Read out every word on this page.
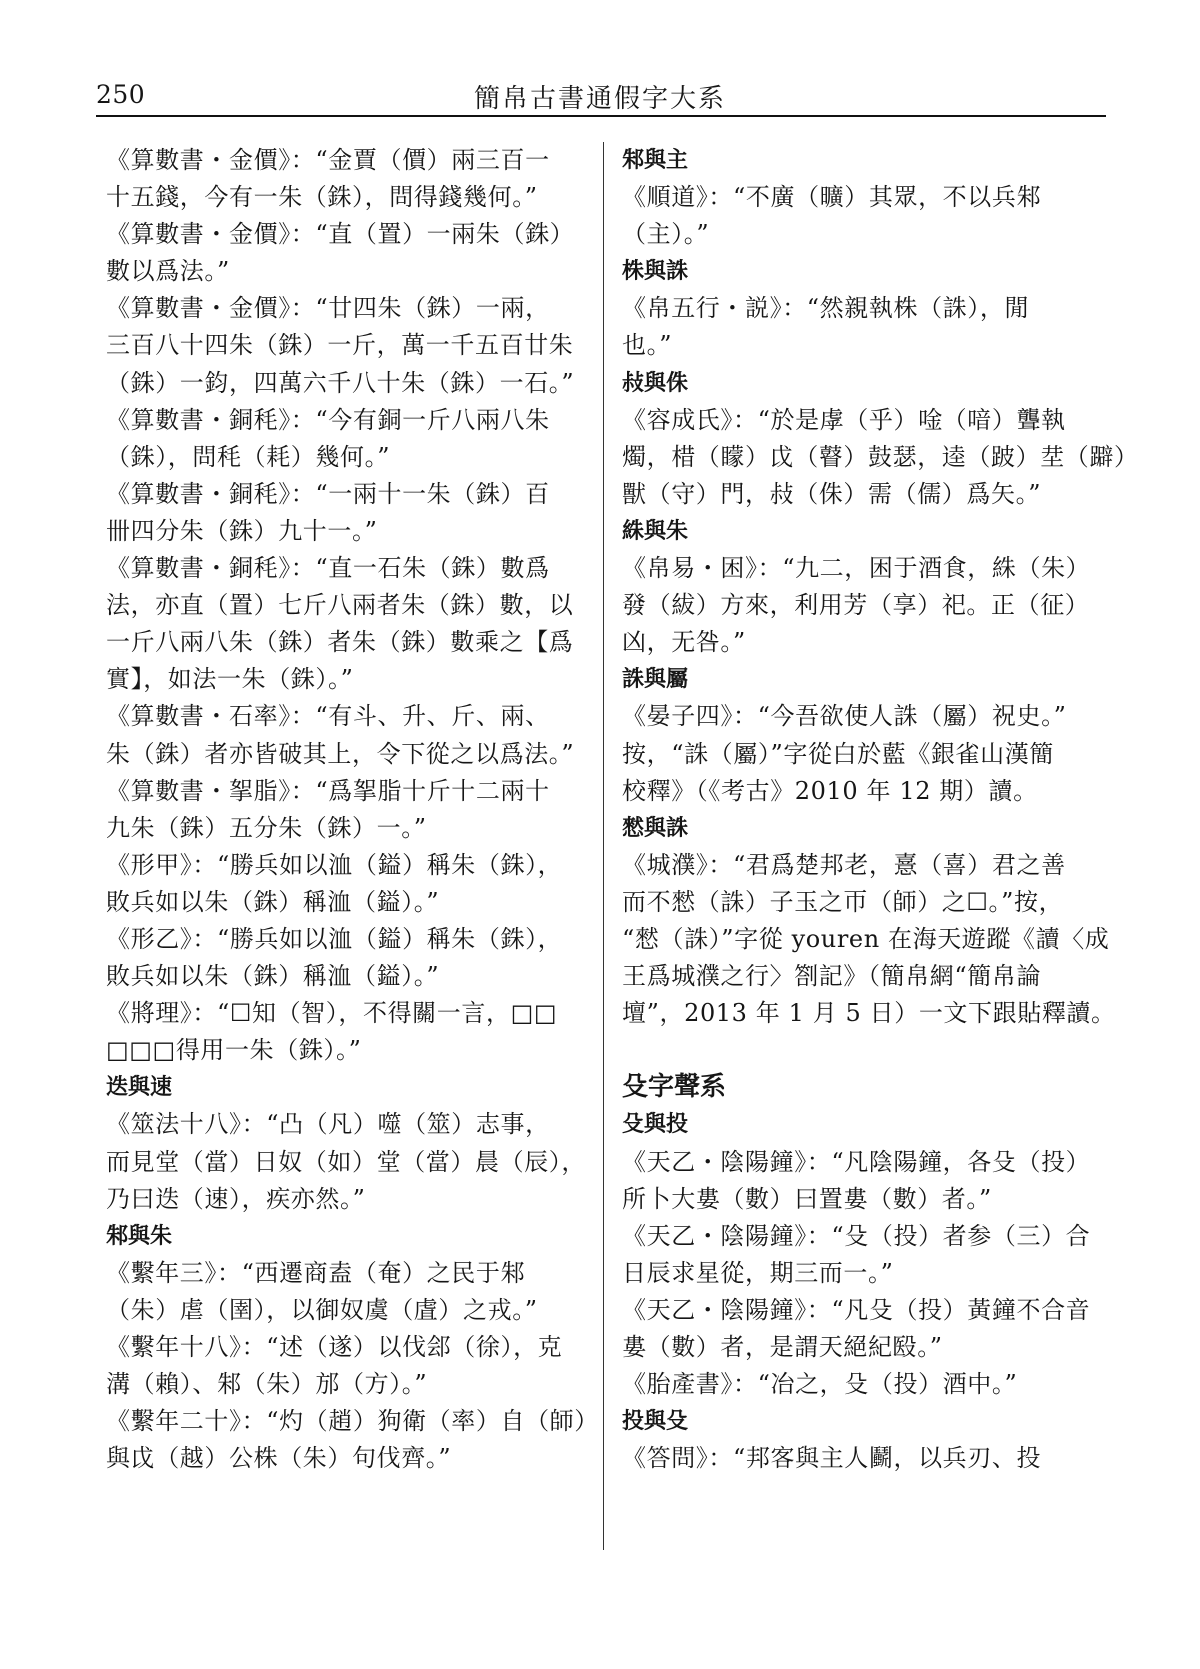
250	簡帛古書通假字大系
《算數書・金價》：“金賈（價）兩三百一
十五錢，今有一朱（銖），問得錢幾何。”
《算數書・金價》：“直（置）一兩朱（銖）
數以爲法。”
《算數書・金價》：“廿四朱（銖）一兩，
三百八十四朱（銖）一斤，萬一千五百廿朱
（銖）一鈞，四萬六千八十朱（銖）一石。”
《算數書・銅秏》：“今有銅一斤八兩八朱
（銖），問秏（耗）幾何。”
《算數書・銅秏》：“一兩十一朱（銖）百
卌四分朱（銖）九十一。”
《算數書・銅秏》：“直一石朱（銖）數爲
法，亦直（置）七斤八兩者朱（銖）數，以
一斤八兩八朱（銖）者朱（銖）數乘之【爲
實】，如法一朱（銖）。”
《算數書・石率》：“有斗、升、斤、兩、
朱（銖）者亦皆破其上，令下從之以爲法。”
《算數書・挐脂》：“爲挐脂十斤十二兩十
九朱（銖）五分朱（銖）一。”
《形甲》：“勝兵如以洫（鎰）稱朱（銖），
敗兵如以朱（銖）稱洫（鎰）。”
《形乙》：“勝兵如以洫（鎰）稱朱（銖），
敗兵如以朱（銖）稱洫（鎰）。”
《將理》：“☐知（智），不得關一言，□□
□□□得用一朱（銖）。”
迭與速
《筮法十八》：“凸（凡）噬（筮）志事，
而見堂（當）日奴（如）堂（當）晨（辰），
乃曰迭（速），疾亦然。”
邾與朱
《繫年三》：“西遷商盍（奄）之民于邾
（朱）虐（圉），以御奴虞（虘）之戎。”
《繫年十八》：“述（遂）以伐郐（徐），克
溝（賴）、邾（朱）邡（方）。”
《繫年二十》：“灼（趙）狗衛（率）自（師）
與戉（越）公株（朱）句伐齊。”
邾與主
《順道》：“不廣（曠）其眾，不以兵邾
（主）。”
株與誅
《帛五行・説》：“然親執株（誅），閒
也。”
敊與侏
《容成氏》：“於是虖（乎）唫（喑）聾執
燭，棤（矇）戉（瞽）鼓瑟，逵（跛）坓（躃）
獸（守）門，敊（侏）需（儒）爲矢。”
絑與朱
《帛易・困》：“九二，困于酒食，絑（朱）
發（紱）方來，利用芳（享）祀。正（征）
凶，无咎。”
誅與屬
《晏子四》：“今吾欲使人誅（屬）祝史。”
按，“誅（屬）”字從白於藍《銀雀山漢簡
校釋》（《考古》2010 年 12 期）讀。
憖與誅
《城濮》：“君爲楚邦老，憙（喜）君之善
而不憖（誅）子玉之帀（師）之☐。”按，
“憖（誅）”字從 youren 在海天遊蹤《讀〈成
王爲城濮之行〉劄記》（簡帛網“簡帛論
壇”，2013 年 1 月 5 日）一文下跟貼釋讀。
殳字聲系
殳與投
《天乙・陰陽鐘》：“凡陰陽鐘，各殳（投）
所卜大婁（數）曰置婁（數）者。”
《天乙・陰陽鐘》：“殳（投）者参（三）合
日辰求星從，期三而一。”
《天乙・陰陽鐘》：“凡殳（投）黃鐘不合音
婁（數）者，是謂天絕紀殹。”
《胎產書》：“冶之，殳（投）酒中。”
投與殳
《答問》：“邦客與主人鬬，以兵刃、投
